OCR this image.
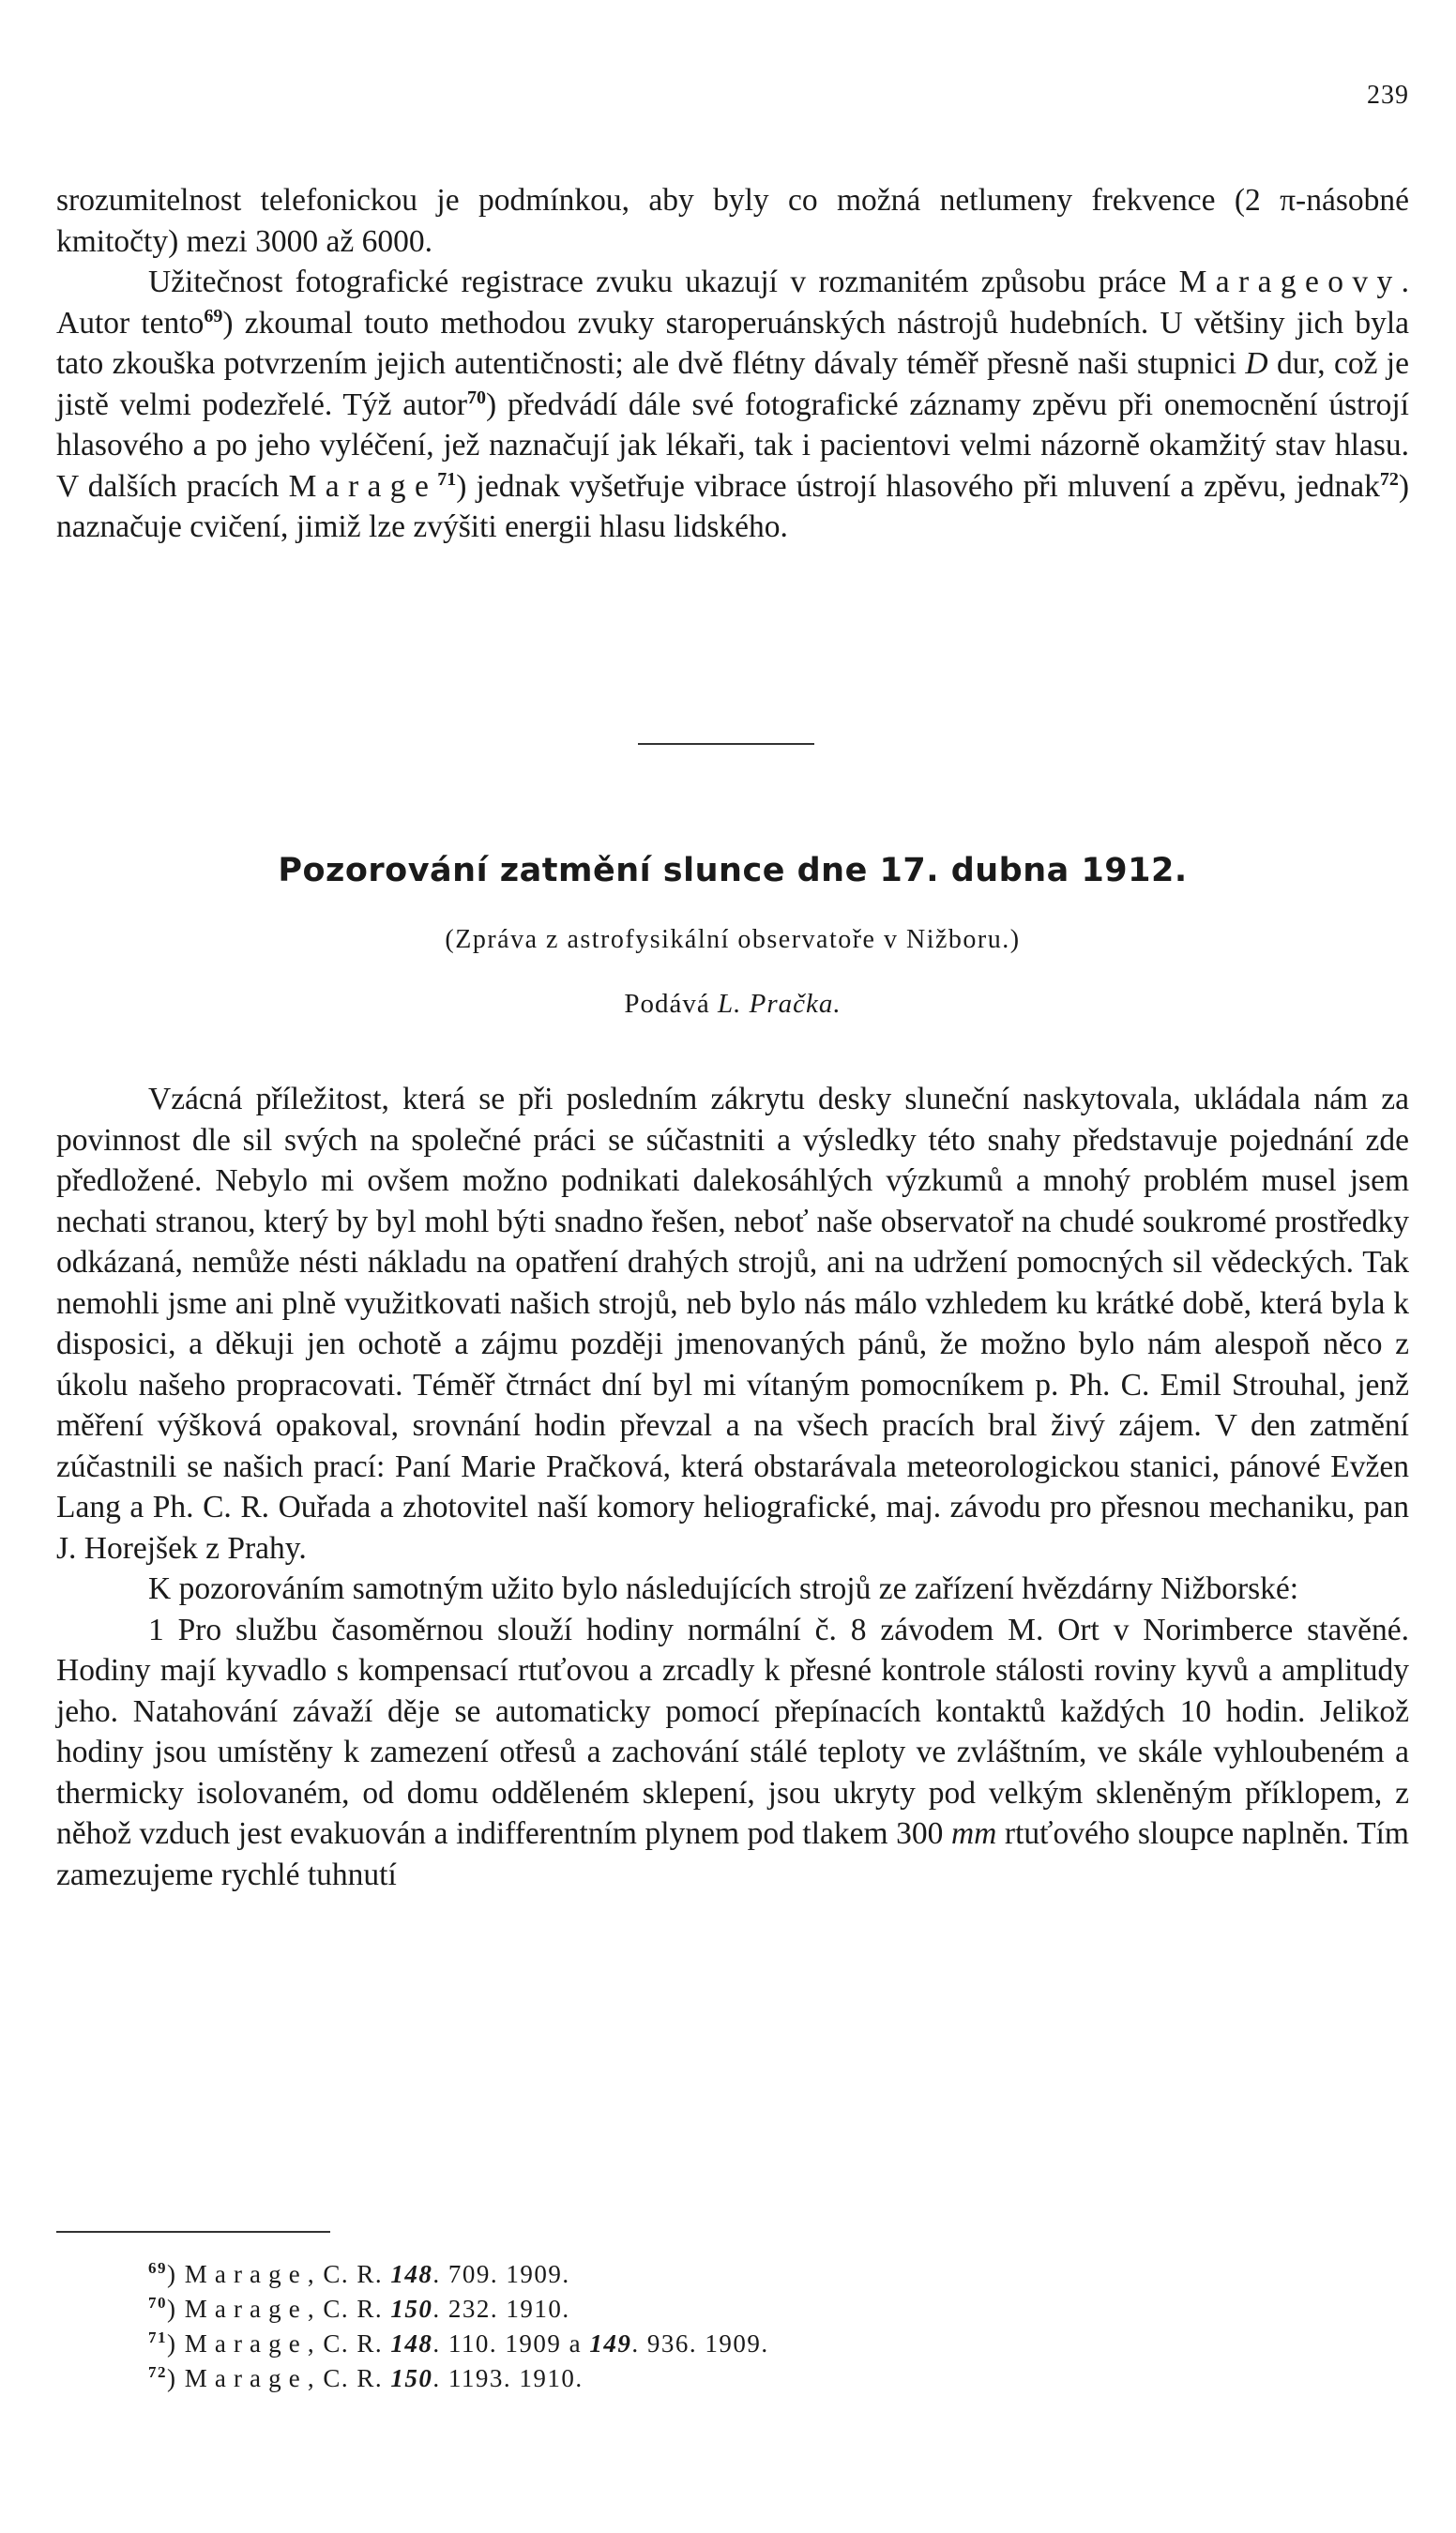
239

srozumitelnost telefonickou je podmínkou, aby byly co možná netlumeny frekvence (2 π-násobné kmitočty) mezi 3000 až 6000.

Užitečnost fotografické registrace zvuku ukazují v rozmanitém způsobu práce Marageovy. Autor tento$^{69}$) zkoumal touto methodou zvuky staroperuánských nástrojů hudebních. U většiny jich byla tato zkouška potvrzením jejich autentičnosti; ale dvě flétny dávaly téměř přesně naši stupnici D dur, což je jistě velmi podezřelé. Týž autor$^{70}$) předvádí dále své fotografické záznamy zpěvu při onemocnění ústrojí hlasového a po jeho vyléčení, jež naznačují jak lékaři, tak i pacientovi velmi názorně okamžitý stav hlasu. V dalších pracích Marage$^{71}$) jednak vyšetřuje vibrace ústrojí hlasového při mluvení a zpěvu, jednak$^{72}$) naznačuje cvičení, jimiž lze zvýšiti energii hlasu lidského.

Pozorování zatmění slunce dne 17. dubna 1912.
(Zpráva z astrofysikální observatoře v Nižboru.)
Podává L. Pračka.

Vzácná příležitost, která se při posledním zákrytu desky sluneční naskytovala, ukládala nám za povinnost dle sil svých na společné práci se súčastniti a výsledky této snahy představuje pojednání zde předložené. Nebylo mi ovšem možno podnikati dalekosáhlých výzkumů a mnohý problém musel jsem nechati stranou, který by byl mohl býti snadno řešen, neboť naše observatoř na chudé soukromé prostředky odkázaná, nemůže nésti nákladu na opatření drahých strojů, ani na udržení pomocných sil vědeckých. Tak nemohli jsme ani plně využitkovati našich strojů, neb bylo nás málo vzhledem ku krátké době, která byla k disposici, a děkuji jen ochotě a zájmu později jmenovaných pánů, že možno bylo nám alespoň něco z úkolu našeho propracovati. Téměř čtrnáct dní byl mi vítaným pomocníkem p. Ph. C. Emil Strouhal, jenž měření výšková opakoval, srovnání hodin převzal a na všech pracích bral živý zájem. V den zatmění zúčastnili se našich prací: Paní Marie Pračková, která obstarávala meteorologickou stanici, pánové Evžen Lang a Ph. C. R. Ouřada a zhotovitel naší komory heliografické, maj. závodu pro přesnou mechaniku, pan J. Horejšek z Prahy.

K pozorováním samotným užito bylo následujících strojů ze zařízení hvězdárny Nižborské:

1 Pro službu časoměrnou slouží hodiny normální č. 8 závodem M. Ort v Norimberce stavěné. Hodiny mají kyvadlo s kompensací rtuťovou a zrcadly k přesné kontrole stálosti roviny kyvů a amplitudy jeho. Natahování závaží děje se automaticky pomocí přepínacích kontaktů každých 10 hodin. Jelikož hodiny jsou umístěny k zamezení otřesů a zachování stálé teploty ve zvláštním, ve skále vyhloubeném a thermicky isolovaném, od domu odděleném sklepení, jsou ukryty pod velkým skleněným příklopem, z něhož vzduch jest evakuován a indifferentním plynem pod tlakem 300 mm rtuťového sloupce naplněn. Tím zamezujeme rychlé tuhnutí

$^{69}$) Marage, C. R. 148. 709. 1909.
$^{70}$) Marage, C. R. 150. 232. 1910.
$^{71}$) Marage, C. R. 148. 110. 1909 a 149. 936. 1909.
$^{72}$) Marage, C. R. 150. 1193. 1910.
